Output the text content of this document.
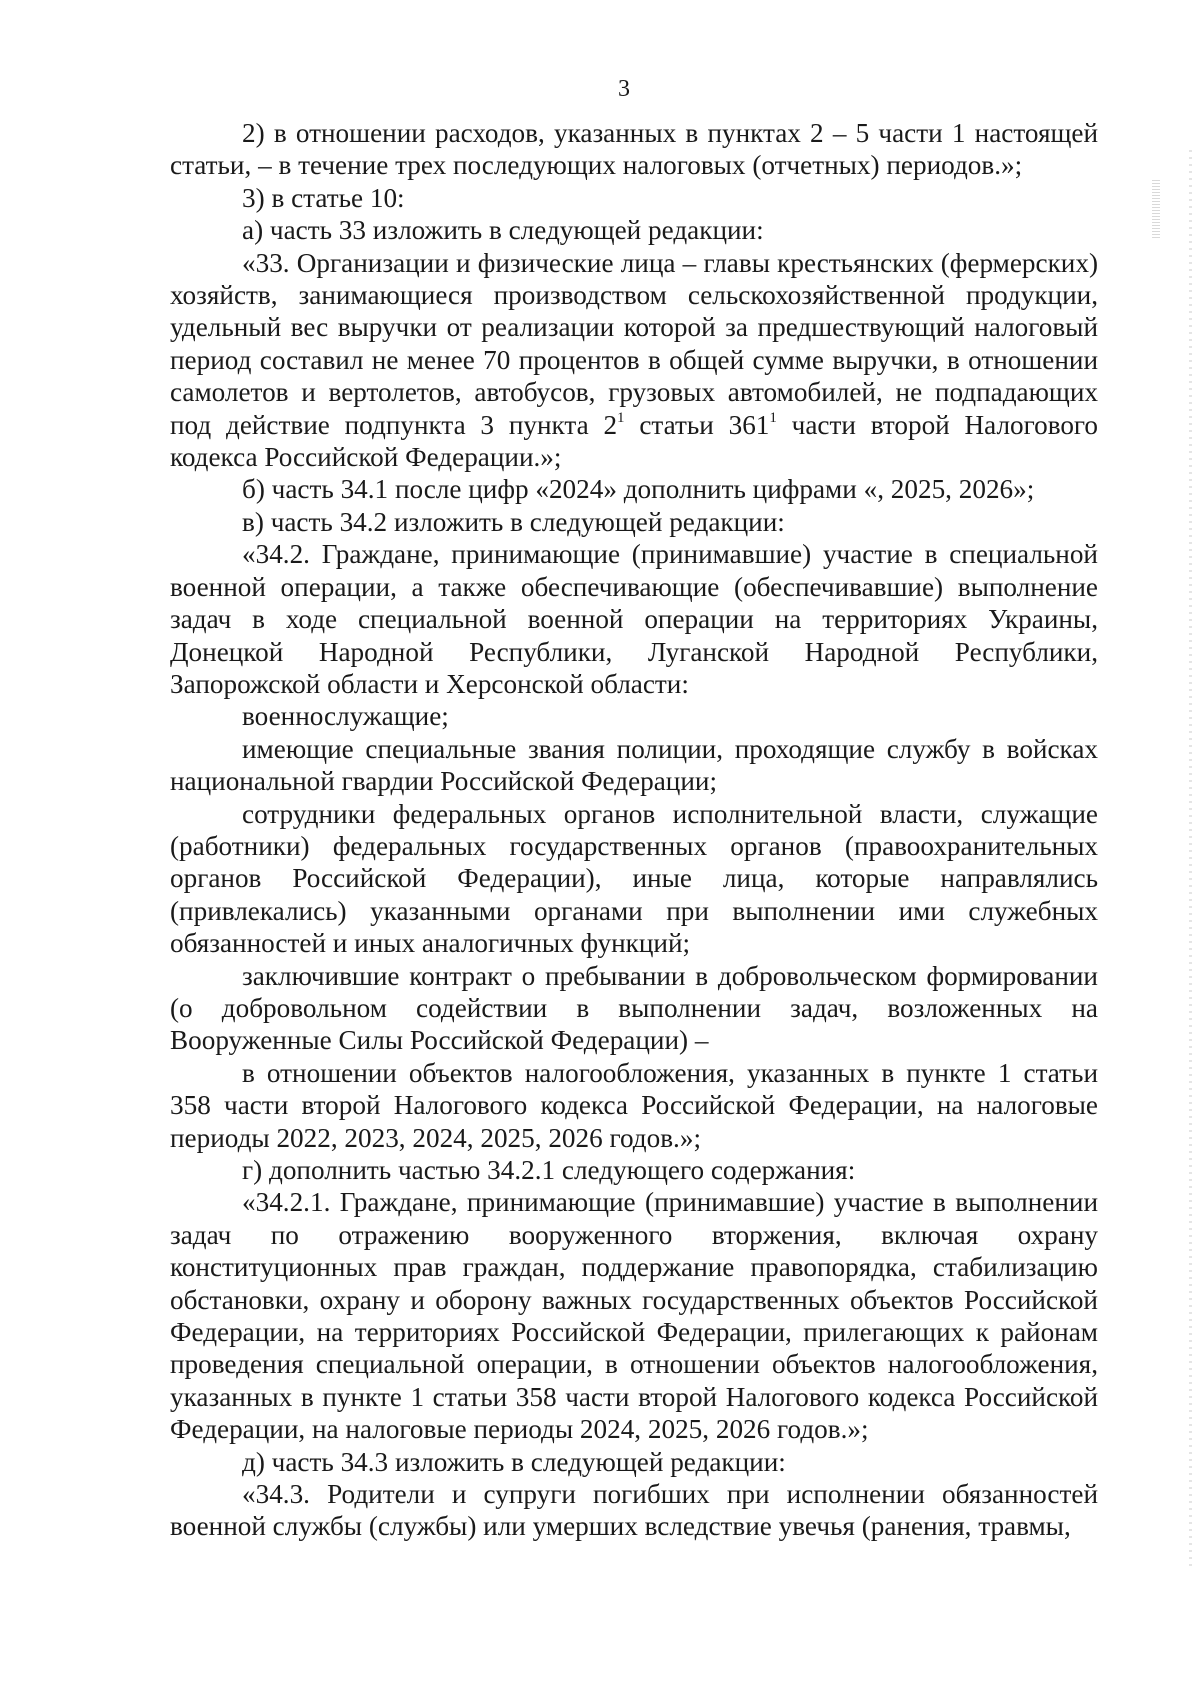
3

2) в отношении расходов, указанных в пунктах 2 – 5 части 1 настоящей статьи, – в течение трех последующих налоговых (отчетных) периодов.»;

3) в статье 10:

а) часть 33 изложить в следующей редакции:

«33. Организации и физические лица – главы крестьянских (фермерских) хозяйств, занимающиеся производством сельскохозяйственной продукции, удельный вес выручки от реализации которой за предшествующий налоговый период составил не менее 70 процентов в общей сумме выручки, в отношении самолетов и вертолетов, автобусов, грузовых автомобилей, не подпадающих под действие подпункта 3 пункта $2^1$ статьи $361^1$ части второй Налогового кодекса Российской Федерации.»;

б) часть 34.1 после цифр «2024» дополнить цифрами «, 2025, 2026»;

в) часть 34.2 изложить в следующей редакции:

«34.2. Граждане, принимающие (принимавшие) участие в специальной военной операции, а также обеспечивающие (обеспечивавшие) выполнение задач в ходе специальной военной операции на территориях Украины, Донецкой Народной Республики, Луганской Народной Республики, Запорожской области и Херсонской области:

военнослужащие;

имеющие специальные звания полиции, проходящие службу в войсках национальной гвардии Российской Федерации;

сотрудники федеральных органов исполнительной власти, служащие (работники) федеральных государственных органов (правоохранительных органов Российской Федерации), иные лица, которые направлялись (привлекались) указанными органами при выполнении ими служебных обязанностей и иных аналогичных функций;

заключившие контракт о пребывании в добровольческом формировании (о добровольном содействии в выполнении задач, возложенных на Вооруженные Силы Российской Федерации) –

в отношении объектов налогообложения, указанных в пункте 1 статьи 358 части второй Налогового кодекса Российской Федерации, на налоговые периоды 2022, 2023, 2024, 2025, 2026 годов.»;

г) дополнить частью 34.2.1 следующего содержания:

«34.2.1. Граждане, принимающие (принимавшие) участие в выполнении задач по отражению вооруженного вторжения, включая охрану конституционных прав граждан, поддержание правопорядка, стабилизацию обстановки, охрану и оборону важных государственных объектов Российской Федерации, на территориях Российской Федерации, прилегающих к районам проведения специальной операции, в отношении объектов налогообложения, указанных в пункте 1 статьи 358 части второй Налогового кодекса Российской Федерации, на налоговые периоды 2024, 2025, 2026 годов.»;

д) часть 34.3 изложить в следующей редакции:

«34.3. Родители и супруги погибших при исполнении обязанностей военной службы (службы) или умерших вследствие увечья (ранения, травмы,
